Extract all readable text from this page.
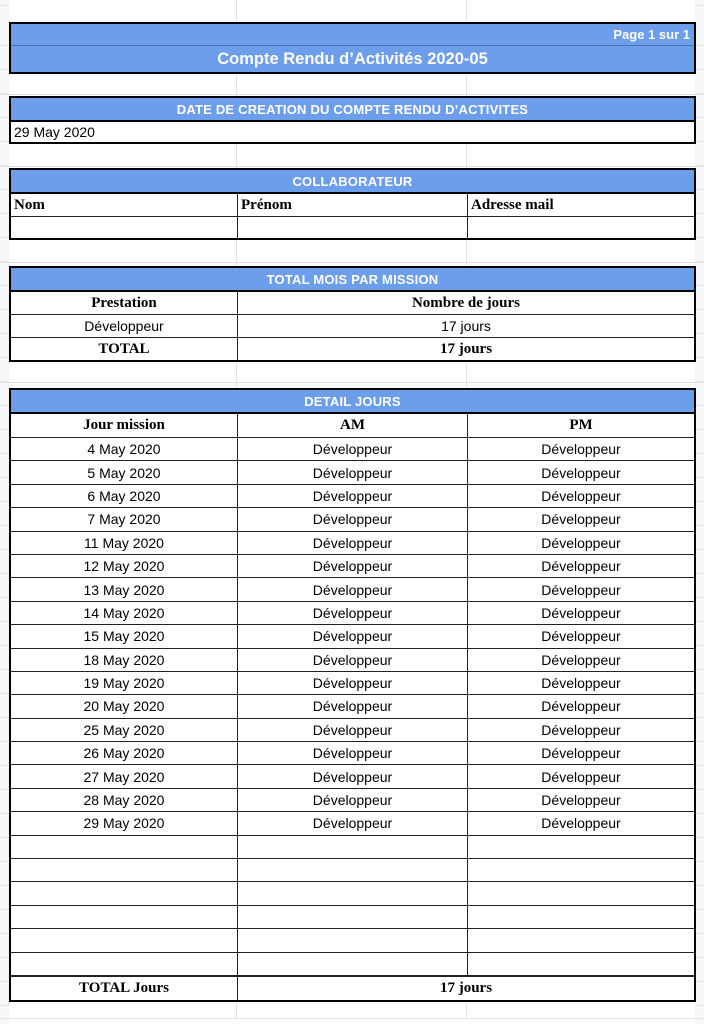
Page 1 sur 1
Compte Rendu d’Activités 2020-05
DATE DE CREATION DU COMPTE RENDU D’ACTIVITES
29 May 2020
COLLABORATEUR
Nom	Prénom	Adresse mail
TOTAL MOIS PAR MISSION
Prestation	Nombre de jours
Développeur	17 jours
TOTAL	17 jours
DETAIL JOURS
Jour mission	AM	PM
4 May 2020	Développeur	Développeur
5 May 2020	Développeur	Développeur
6 May 2020	Développeur	Développeur
7 May 2020	Développeur	Développeur
11 May 2020	Développeur	Développeur
12 May 2020	Développeur	Développeur
13 May 2020	Développeur	Développeur
14 May 2020	Développeur	Développeur
15 May 2020	Développeur	Développeur
18 May 2020	Développeur	Développeur
19 May 2020	Développeur	Développeur
20 May 2020	Développeur	Développeur
25 May 2020	Développeur	Développeur
26 May 2020	Développeur	Développeur
27 May 2020	Développeur	Développeur
28 May 2020	Développeur	Développeur
29 May 2020	Développeur	Développeur
TOTAL Jours	17 jours
